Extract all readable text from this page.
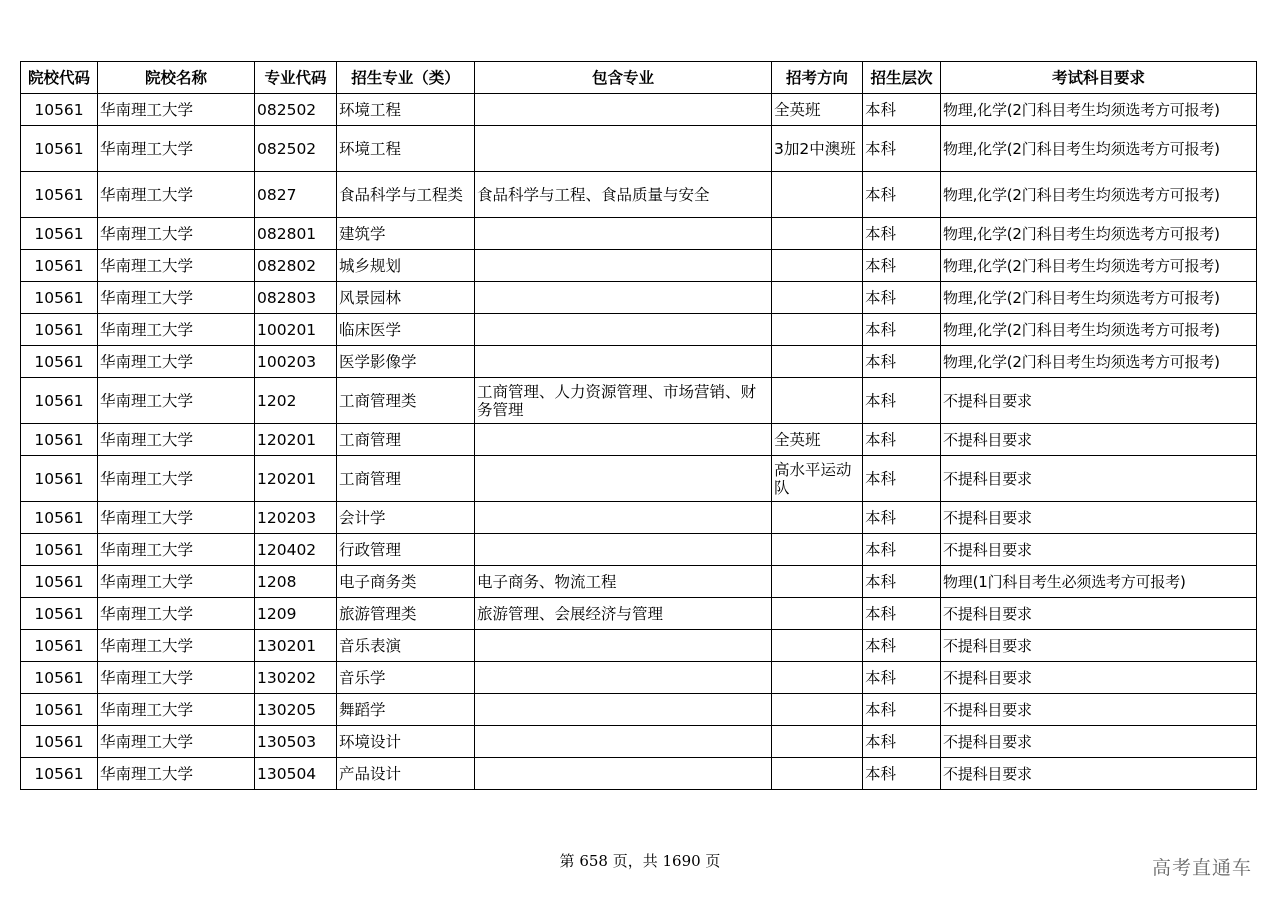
院校代码	院校名称	专业代码	招生专业（类）	包含专业	招考方向	招生层次	考试科目要求
10561	华南理工大学	082502	环境工程		全英班	本科	物理,化学(2门科目考生均须选考方可报考)
10561	华南理工大学	082502	环境工程		3加2中澳班	本科	物理,化学(2门科目考生均须选考方可报考)
10561	华南理工大学	0827	食品科学与工程类	食品科学与工程、食品质量与安全		本科	物理,化学(2门科目考生均须选考方可报考)
10561	华南理工大学	082801	建筑学			本科	物理,化学(2门科目考生均须选考方可报考)
10561	华南理工大学	082802	城乡规划			本科	物理,化学(2门科目考生均须选考方可报考)
10561	华南理工大学	082803	风景园林			本科	物理,化学(2门科目考生均须选考方可报考)
10561	华南理工大学	100201	临床医学			本科	物理,化学(2门科目考生均须选考方可报考)
10561	华南理工大学	100203	医学影像学			本科	物理,化学(2门科目考生均须选考方可报考)
10561	华南理工大学	1202	工商管理类	工商管理、人力资源管理、市场营销、财务管理		本科	不提科目要求
10561	华南理工大学	120201	工商管理		全英班	本科	不提科目要求
10561	华南理工大学	120201	工商管理		高水平运动队	本科	不提科目要求
10561	华南理工大学	120203	会计学			本科	不提科目要求
10561	华南理工大学	120402	行政管理			本科	不提科目要求
10561	华南理工大学	1208	电子商务类	电子商务、物流工程		本科	物理(1门科目考生必须选考方可报考)
10561	华南理工大学	1209	旅游管理类	旅游管理、会展经济与管理		本科	不提科目要求
10561	华南理工大学	130201	音乐表演			本科	不提科目要求
10561	华南理工大学	130202	音乐学			本科	不提科目要求
10561	华南理工大学	130205	舞蹈学			本科	不提科目要求
10561	华南理工大学	130503	环境设计			本科	不提科目要求
10561	华南理工大学	130504	产品设计			本科	不提科目要求
第 658 页，共 1690 页	高考直通车
